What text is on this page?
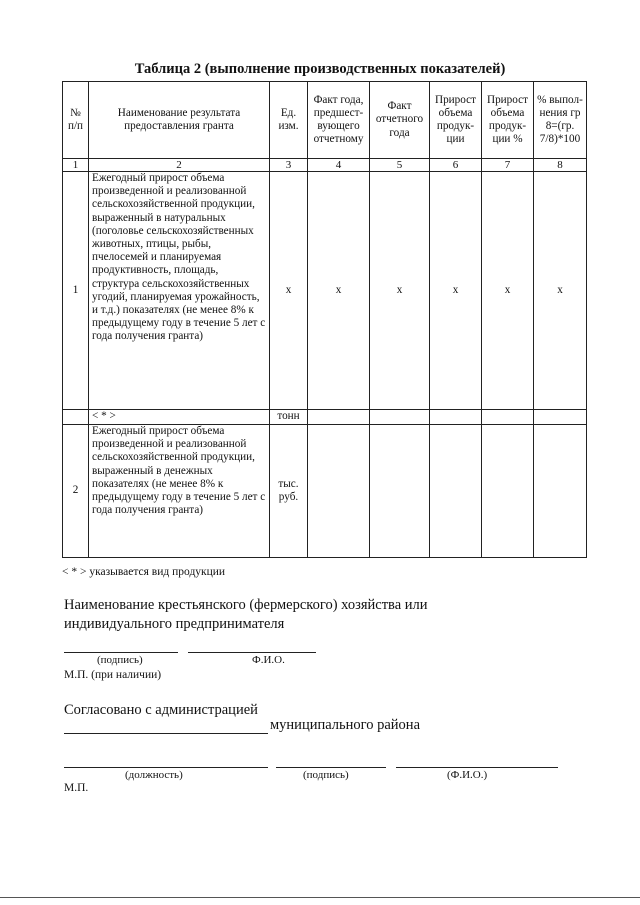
Таблица 2 (выполнение производственных показателей)
№ п/п	Наименование результата предоставления гранта	Ед. изм.	Факт года, предшест- вующего отчетному	Факт отчетного года	Прирост объема продук- ции	Прирост объема продук- ции %	% выпол- нения гр 8=(гр. 7/8)*100
1	2	3	4	5	6	7	8
1	Ежегодный прирост объема произведенной и реализованной сельскохозяйственной продукции, выраженный в натуральных (поголовье сельскохозяйственных животных, птицы, рыбы, пчелосемей и планируемая продуктивность, площадь, структура сельскохозяйственных угодий, планируемая урожайность, и т.д.) показателях (не менее 8% к предыдущему году в течение 5 лет с года получения гранта)	х	х	х	х	х	х
	< * >	тонн					
2	Ежегодный прирост объема произведенной и реализованной сельскохозяйственной продукции, выраженный в денежных показателях (не менее 8% к предыдущему году в течение 5 лет с года получения гранта)	тыс. руб.					
< * > указывается вид продукции
Наименование крестьянского (фермерского) хозяйства или индивидуального предпринимателя
(подпись)	Ф.И.О.
М.П. (при наличии)
Согласовано с администрацией
муниципального района
(должность)	(подпись)	(Ф.И.О.)
М.П.
